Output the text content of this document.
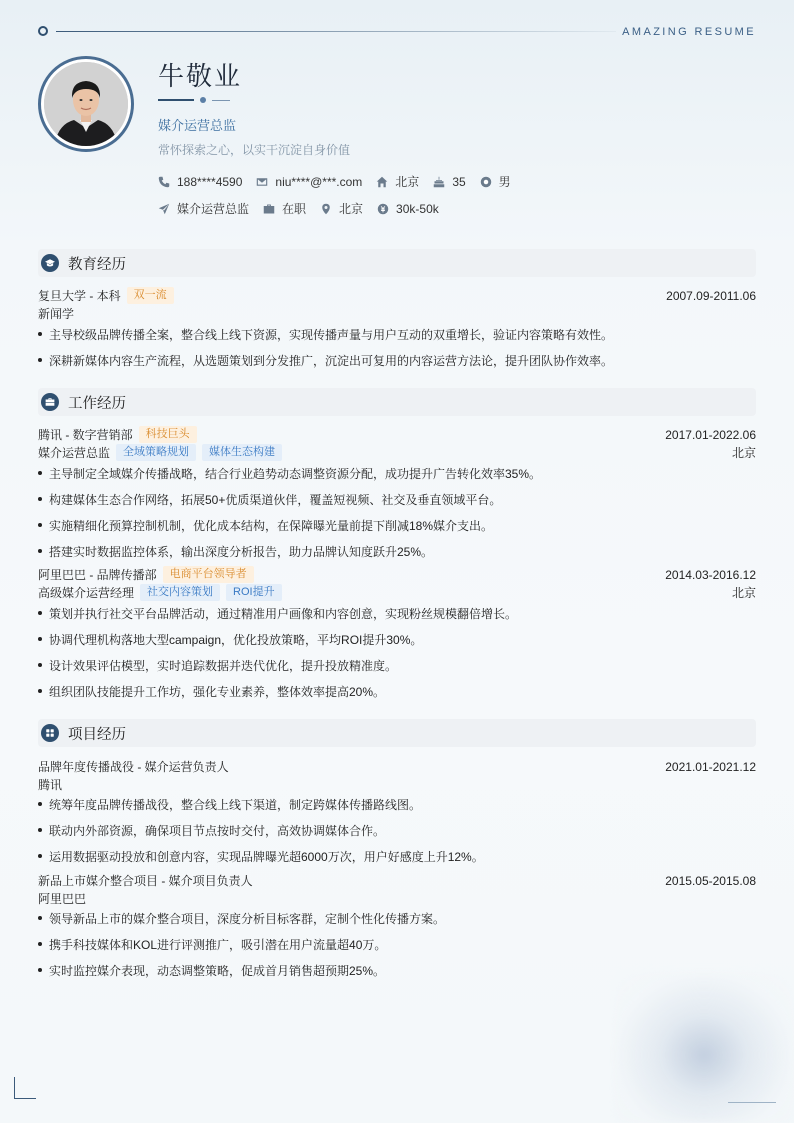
AMAZING RESUME
牛敬业
媒介运营总监
常怀探索之心，以实干沉淀自身价值
188****4590	niu****@***.com	北京	35	男
媒介运营总监	在职	北京	30k-50k
教育经历
复旦大学 - 本科	双一流	2007.09-2011.06
新闻学
主导校级品牌传播全案，整合线上线下资源，实现传播声量与用户互动的双重增长，验证内容策略有效性。
深耕新媒体内容生产流程，从选题策划到分发推广，沉淀出可复用的内容运营方法论，提升团队协作效率。
工作经历
腾讯 - 数字营销部	科技巨头	2017.01-2022.06
媒介运营总监	全域策略规划	媒体生态构建	北京
主导制定全域媒介传播战略，结合行业趋势动态调整资源分配，成功提升广告转化效率35%。
构建媒体生态合作网络，拓展50+优质渠道伙伴，覆盖短视频、社交及垂直领域平台。
实施精细化预算控制机制，优化成本结构，在保障曝光量前提下削减18%媒介支出。
搭建实时数据监控体系，输出深度分析报告，助力品牌认知度跃升25%。
阿里巴巴 - 品牌传播部	电商平台领导者	2014.03-2016.12
高级媒介运营经理	社交内容策划	ROI提升	北京
策划并执行社交平台品牌活动，通过精准用户画像和内容创意，实现粉丝规模翻倍增长。
协调代理机构落地大型campaign，优化投放策略，平均ROI提升30%。
设计效果评估模型，实时追踪数据并迭代优化，提升投放精准度。
组织团队技能提升工作坊，强化专业素养，整体效率提高20%。
项目经历
品牌年度传播战役 - 媒介运营负责人	2021.01-2021.12
腾讯
统筹年度品牌传播战役，整合线上线下渠道，制定跨媒体传播路线图。
联动内外部资源，确保项目节点按时交付，高效协调媒体合作。
运用数据驱动投放和创意内容，实现品牌曝光超6000万次，用户好感度上升12%。
新品上市媒介整合项目 - 媒介项目负责人	2015.05-2015.08
阿里巴巴
领导新品上市的媒介整合项目，深度分析目标客群，定制个性化传播方案。
携手科技媒体和KOL进行评测推广，吸引潜在用户流量超40万。
实时监控媒介表现，动态调整策略，促成首月销售超预期25%。
